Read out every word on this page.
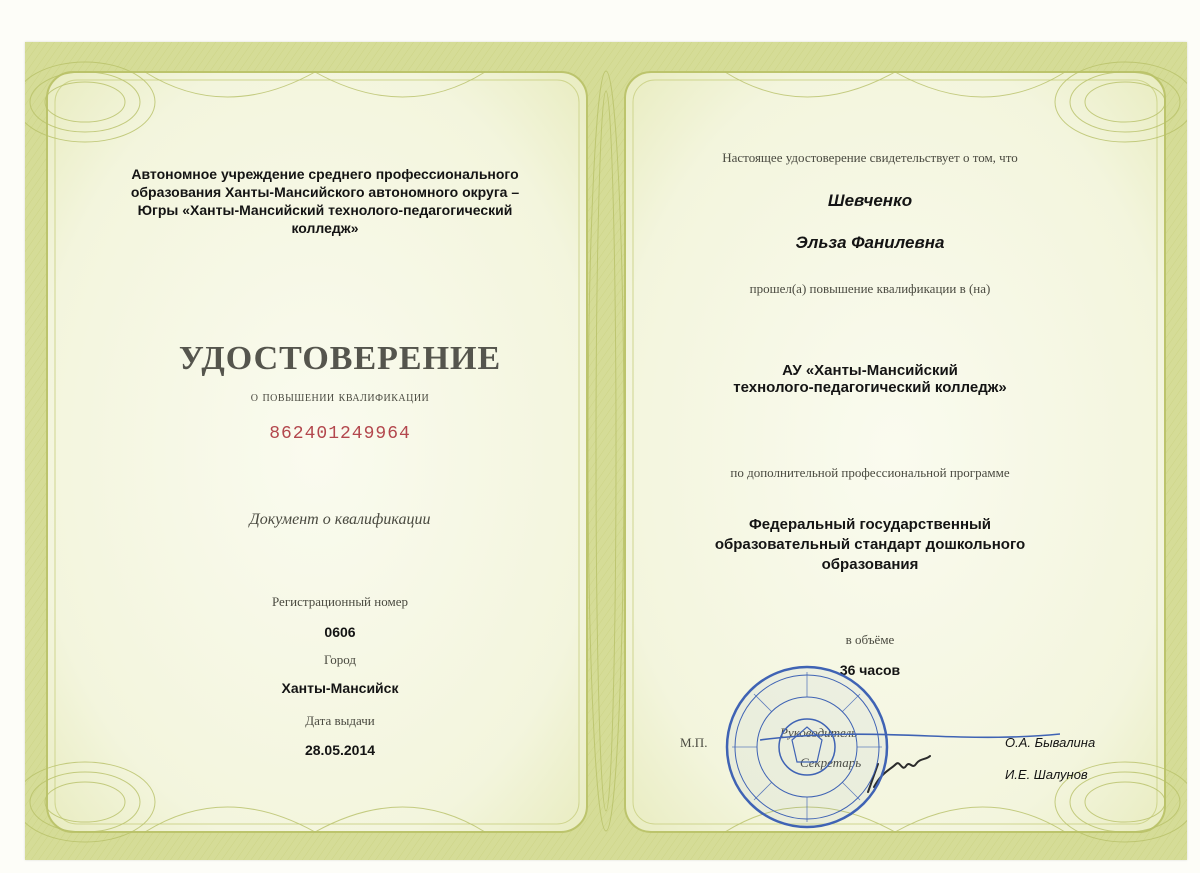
Автономное учреждение среднего профессионального

образования Ханты-Мансийского автономного округа –

Югры «Ханты-Мансийский технолого-педагогический

колледж»

УДОСТОВЕРЕНИЕ

о повышении квалификации

862401249964

Документ о квалификации

Регистрационный номер

0606

Город

Ханты-Мансийск

Дата выдачи

28.05.2014

Настоящее удостоверение свидетельствует о том, что

Шевченко

Эльза Фанилевна

прошел(а) повышение квалификации в (на)

АУ «Ханты-Мансийский

технолого-педагогический колледж»

по дополнительной профессиональной программе

Федеральный государственный

образовательный стандарт дошкольного

образования

в объёме

36 часов

М.П.	О.А. Бывалина

И.Е. Шалунов
